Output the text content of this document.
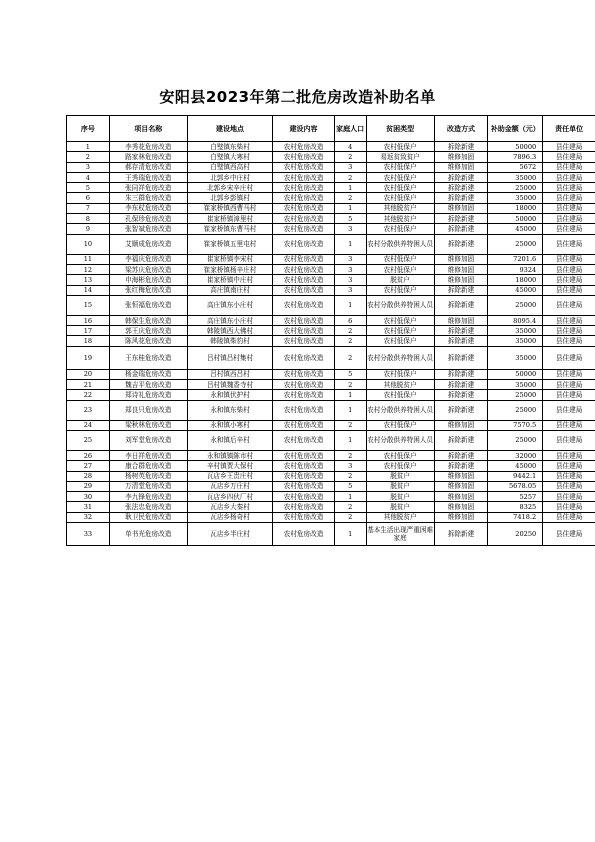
安阳县2023年第二批危房改造补助名单
序号	项目名称	建设地点	建设内容	家庭人口	贫困类型	改造方式	补助金额（元）	责任单位
1	李秀花危房改造	白璧镇东柴村	农村危房改造	4	农村低保户	拆除新建	50000	县住建局
2	路家林危房改造	白璧镇大寒村	农村危房改造	2	易返贫致贫户	维修加固	7896.3	县住建局
3	郝存清危房改造	白璧镇西高村	农村危房改造	3	农村低保户	维修加固	5672	县住建局
4	王秀瑞危房改造	北郭乡中庄村	农村危房改造	2	农村低保户	拆除新建	35000	县住建局
5	张同祥危房改造	北郭乡宋辛庄村	农村危房改造	1	农村低保户	拆除新建	25000	县住建局
6	朱三群危房改造	北郭乡彭镇村	农村危房改造	2	农村低保户	拆除新建	35000	县住建局
7	李东杖危房改造	崔家桥镇西曹马村	农村危房改造	1	其他脱贫户	维修加固	18000	县住建局
8	孔保珍危房改造	崔家桥镇漳里村	农村危房改造	5	其他脱贫户	拆除新建	50000	县住建局
9	张智斌危房改造	崔家桥镇东曹马村	农村危房改造	3	农村低保户	拆除新建	45000	县住建局
10	艾顺成危房改造	崔家桥镇五里屯村	农村危房改造	1	农村分散供养特困人员	拆除新建	25000	县住建局
11	李福庆危房改造	崔家桥镇李宋村	农村危房改造	3	农村低保户	维修加固	7201.6	县住建局
12	梁苏庆危房改造	崔家桥镇杨辛庄村	农村危房改造	3	农村低保户	维修加固	9324	县住建局
13	申海彬危房改造	崔家桥镇中庄村	农村危房改造	3	脱贫户	维修加固	18000	县住建局
14	张红梅危房改造	高庄镇南庄村	农村危房改造	3	农村低保户	拆除新建	45000	县住建局
15	张恒福危房改造	高庄镇东小庄村	农村危房改造	1	农村分散供养特困人员	拆除新建	25000	县住建局
16	韩保生危房改造	高庄镇东小庄村	农村危房改造	6	农村低保户	维修加固	8095.4	县住建局
17	郭王庆危房改造	韩陵镇西大佛村	农村危房改造	2	农村低保户	拆除新建	35000	县住建局
18	陈风花危房改造	韩陵镇柴豹村	农村危房改造	2	农村低保户	拆除新建	35000	县住建局
19	王东桂危房改造	吕村镇吕村集村	农村危房改造	2	农村分散供养特困人员	拆除新建	35000	县住建局
20	杨金瑞危房改造	吕村镇西吕村	农村危房改造	5	农村低保户	拆除新建	50000	县住建局
21	魏吉平危房改造	吕村镇魏香寺村	农村危房改造	2	其他脱贫户	拆除新建	35000	县住建局
22	郑诗礼危房改造	永和镇伏护村	农村危房改造	1	农村低保户	拆除新建	25000	县住建局
23	郑良只危房改造	永和镇东柴村	农村危房改造	1	农村分散供养特困人员	拆除新建	25000	县住建局
24	梁秋林危房改造	永和镇小寒村	农村危房改造	2	农村低保户	维修加固	7570.5	县住建局
25	刘军堂危房改造	永和镇后辛村	农村危房改造	1	农村分散供养特困人员	拆除新建	25000	县住建局
26	李日祥危房改造	永和镇镇陈市村	农村危房改造	2	农村低保户	拆除新建	32000	县住建局
27	康合群危房改造	辛村镇贾大保村	农村危房改造	3	农村低保户	拆除新建	45000	县住建局
28	杨树英危房改造	瓦店乡王贵庄村	农村危房改造	2	脱贫户	维修加固	9442.1	县住建局
29	万清堂危房改造	瓦店乡万庄村	农村危房改造	5	脱贫户	维修加固	5678.05	县住建局
30	李九锋危房改造	瓦店乡四伙厂村	农村危房改造	1	脱贫户	维修加固	5257	县住建局
31	张法忠危房改造	瓦店乡大秦村	农村危房改造	2	脱贫户	维修加固	8325	县住建局
32	耿卫民危房改造	瓦店乡杨奇村	农村危房改造	2	其他脱贫户	维修加固	7418.2	县住建局
33	单书光危房改造	瓦店乡半庄村	农村危房改造	1	基本生活出现严重困难家庭	拆除新建	20250	县住建局
